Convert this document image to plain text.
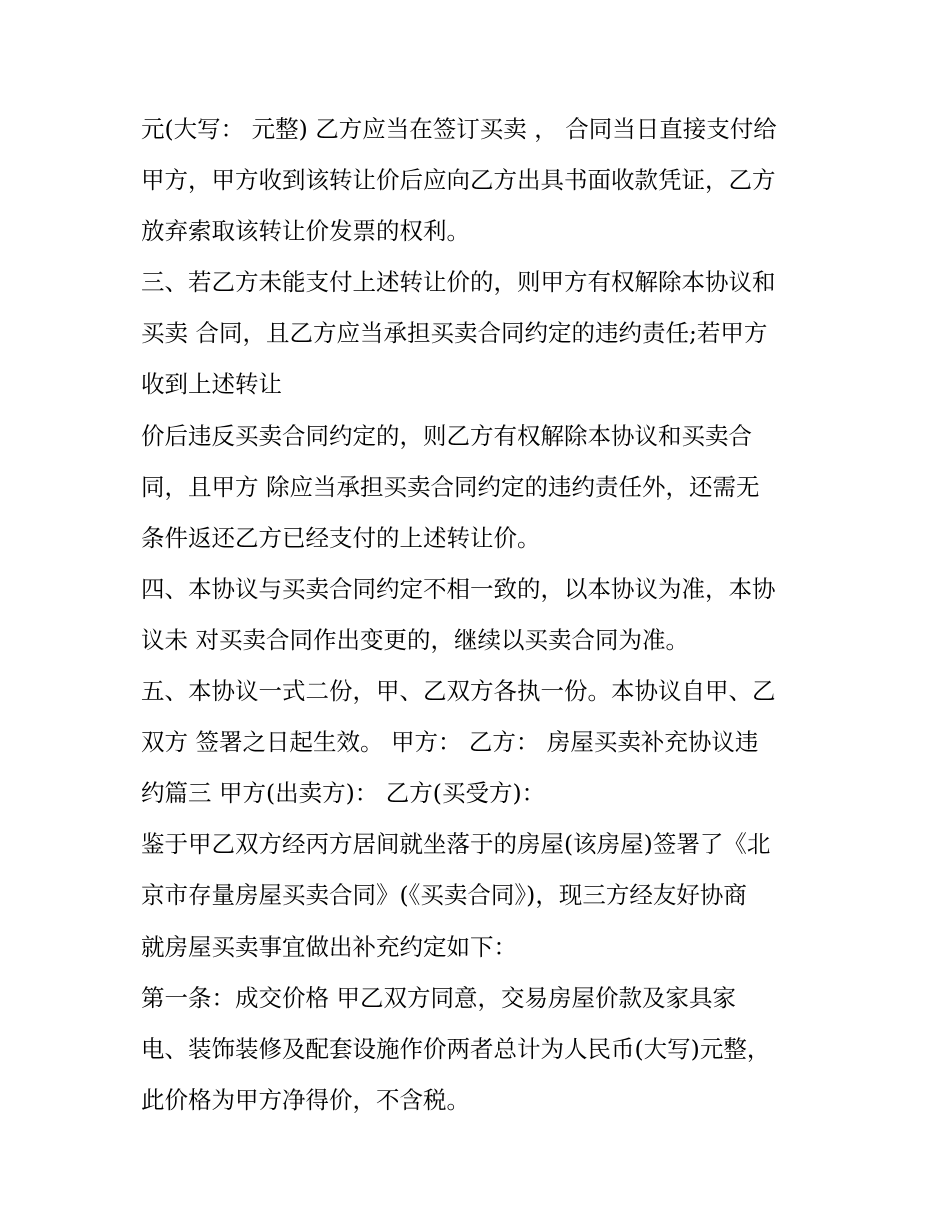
元(大写： 元整) 乙方应当在签订买卖 ， 合同当日直接支付给
甲方，甲方收到该转让价后应向乙方出具书面收款凭证，乙方
放弃索取该转让价发票的权利。
三、若乙方未能支付上述转让价的，则甲方有权解除本协议和
买卖 合同，且乙方应当承担买卖合同约定的违约责任;若甲方
收到上述转让
价后违反买卖合同约定的，则乙方有权解除本协议和买卖合
同，且甲方 除应当承担买卖合同约定的违约责任外，还需无
条件返还乙方已经支付的上述转让价。
四、本协议与买卖合同约定不相一致的，以本协议为准，本协
议未 对买卖合同作出变更的，继续以买卖合同为准。
五、本协议一式二份，甲、乙双方各执一份。本协议自甲、乙
双方 签署之日起生效。 甲方： 乙方： 房屋买卖补充协议违
约篇三 甲方(出卖方)： 乙方(买受方)：
鉴于甲乙双方经丙方居间就坐落于的房屋(该房屋)签署了《北
京市存量房屋买卖合同》(《买卖合同》)，现三方经友好协商
就房屋买卖事宜做出补充约定如下：
第一条：成交价格 甲乙双方同意，交易房屋价款及家具家
电、装饰装修及配套设施作价两者总计为人民币(大写)元整，
此价格为甲方净得价，不含税。
